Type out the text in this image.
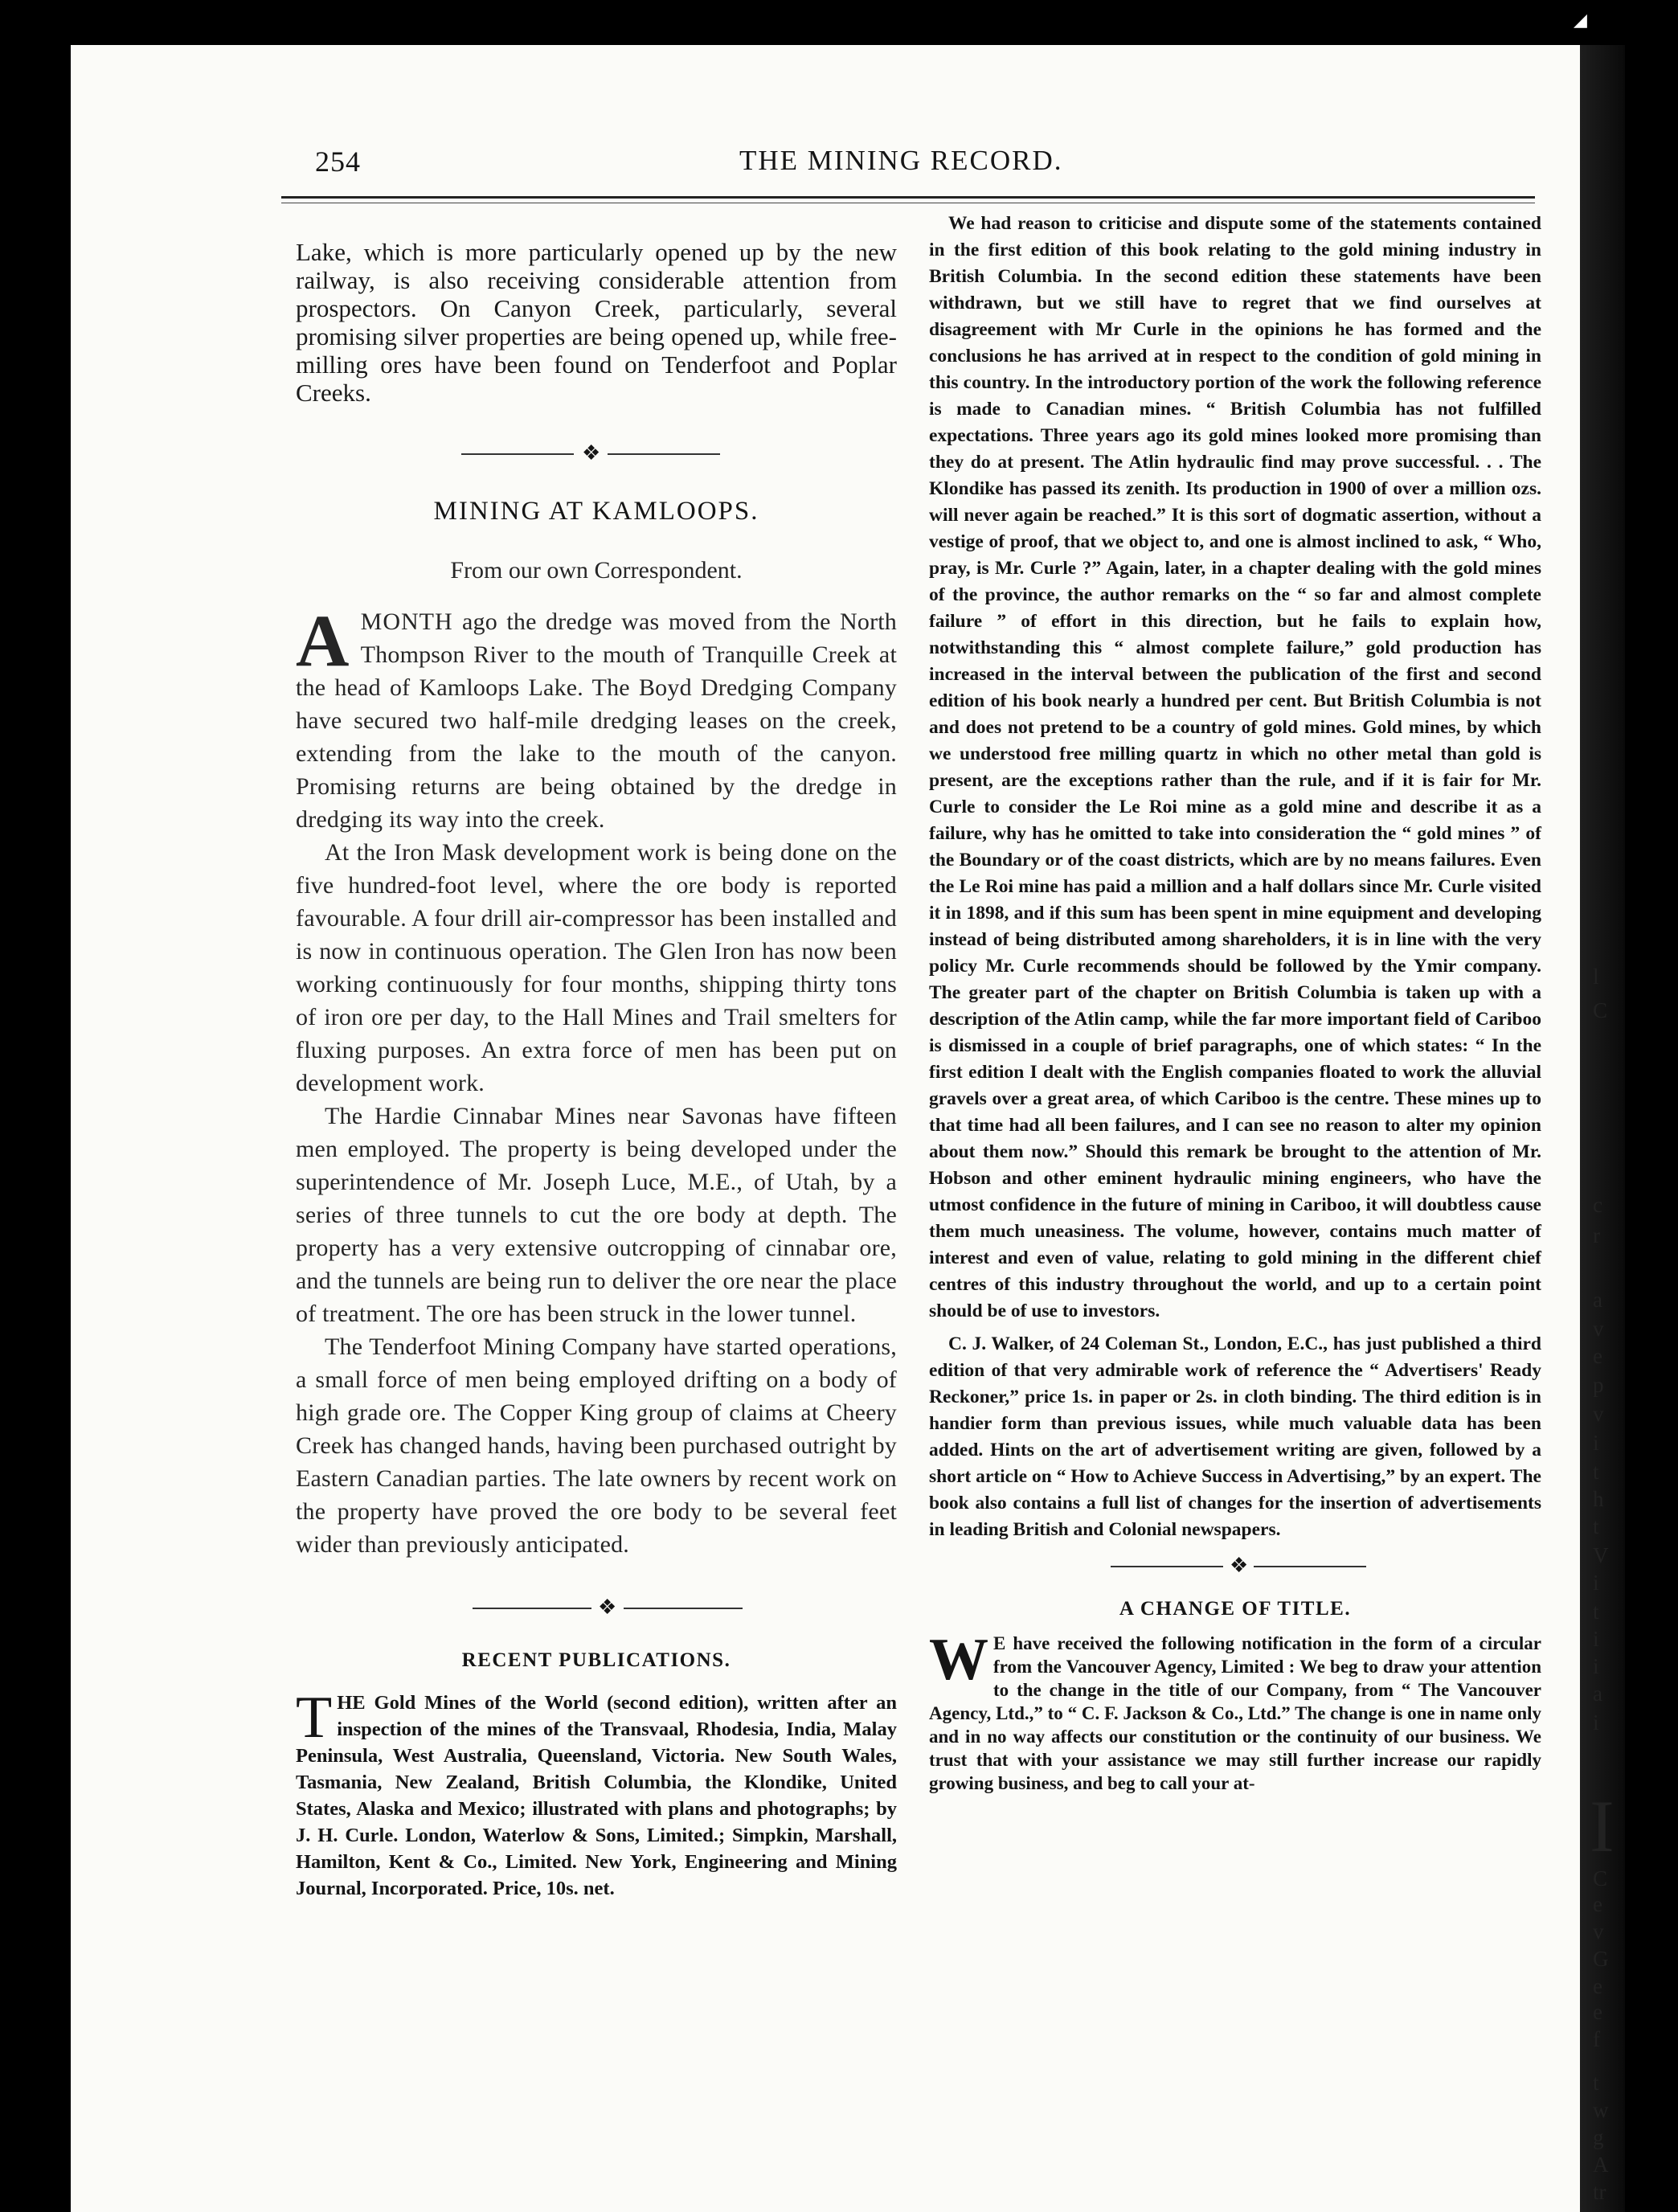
◢
254	THE MINING RECORD.

Lake, which is more particularly opened up by the new railway, is also receiving considerable attention from prospectors. On Canyon Creek, particularly, several promising silver properties are being opened up, while free-milling ores have been found on Tenderfoot and Poplar Creeks.

❖
MINING AT KAMLOOPS.

From our own Correspondent.

AMONTH ago the dredge was moved from the North Thompson River to the mouth of Tranquille Creek at the head of Kamloops Lake. The Boyd Dredging Company have secured two half-mile dredging leases on the creek, extending from the lake to the mouth of the canyon. Promising returns are being obtained by the dredge in dredging its way into the creek.

At the Iron Mask development work is being done on the five hundred-foot level, where the ore body is reported favourable. A four drill air-compressor has been installed and is now in continuous operation. The Glen Iron has now been working continuously for four months, shipping thirty tons of iron ore per day, to the Hall Mines and Trail smelters for fluxing purposes. An extra force of men has been put on development work.

The Hardie Cinnabar Mines near Savonas have fifteen men employed. The property is being developed under the superintendence of Mr. Joseph Luce, M.E., of Utah, by a series of three tunnels to cut the ore body at depth. The property has a very extensive outcropping of cinnabar ore, and the tunnels are being run to deliver the ore near the place of treatment. The ore has been struck in the lower tunnel.

The Tenderfoot Mining Company have started operations, a small force of men being employed drifting on a body of high grade ore. The Copper King group of claims at Cheery Creek has changed hands, having been purchased outright by Eastern Canadian parties. The late owners by recent work on the property have proved the ore body to be several feet wider than previously anticipated.

❖
RECENT PUBLICATIONS.

THE Gold Mines of the World (second edition), written after an inspection of the mines of the Transvaal, Rhodesia, India, Malay Peninsula, West Australia, Queensland, Victoria. New South Wales, Tasmania, New Zealand, British Columbia, the Klondike, United States, Alaska and Mexico; illustrated with plans and photographs; by J. H. Curle. London, Waterlow & Sons, Limited.; Simpkin, Marshall, Hamilton, Kent & Co., Limited. New York, Engineering and Mining Journal, Incorporated. Price, 10s. net.

We had reason to criticise and dispute some of the statements contained in the first edition of this book relating to the gold mining industry in British Columbia. In the second edition these statements have been withdrawn, but we still have to regret that we find ourselves at disagreement with Mr Curle in the opinions he has formed and the conclusions he has arrived at in respect to the condition of gold mining in this country. In the introductory portion of the work the following reference is made to Canadian mines. “ British Columbia has not fulfilled expectations. Three years ago its gold mines looked more promising than they do at present. The Atlin hydraulic find may prove successful. . . The Klondike has passed its zenith. Its production in 1900 of over a million ozs. will never again be reached.” It is this sort of dogmatic assertion, without a vestige of proof, that we object to, and one is almost inclined to ask, “ Who, pray, is Mr. Curle ?” Again, later, in a chapter dealing with the gold mines of the province, the author remarks on the “ so far and almost complete failure ” of effort in this direction, but he fails to explain how, notwithstanding this “ almost complete failure,” gold production has increased in the interval between the publication of the first and second edition of his book nearly a hundred per cent. But British Columbia is not and does not pretend to be a country of gold mines. Gold mines, by which we understood free milling quartz in which no other metal than gold is present, are the exceptions rather than the rule, and if it is fair for Mr. Curle to consider the Le Roi mine as a gold mine and describe it as a failure, why has he omitted to take into consideration the “ gold mines ” of the Boundary or of the coast districts, which are by no means failures. Even the Le Roi mine has paid a million and a half dollars since Mr. Curle visited it in 1898, and if this sum has been spent in mine equipment and developing instead of being distributed among shareholders, it is in line with the very policy Mr. Curle recommends should be followed by the Ymir company. The greater part of the chapter on British Columbia is taken up with a description of the Atlin camp, while the far more important field of Cariboo is dismissed in a couple of brief paragraphs, one of which states: “ In the first edition I dealt with the English companies floated to work the alluvial gravels over a great area, of which Cariboo is the centre. These mines up to that time had all been failures, and I can see no reason to alter my opinion about them now.” Should this remark be brought to the attention of Mr. Hobson and other eminent hydraulic mining engineers, who have the utmost confidence in the future of mining in Cariboo, it will doubtless cause them much uneasiness. The volume, however, contains much matter of interest and even of value, relating to gold mining in the different chief centres of this industry throughout the world, and up to a certain point should be of use to investors.

C. J. Walker, of 24 Coleman St., London, E.C., has just published a third edition of that very admirable work of reference the “ Advertisers' Ready Reckoner,” price 1s. in paper or 2s. in cloth binding. The third edition is in handier form than previous issues, while much valuable data has been added. Hints on the art of advertisement writing are given, followed by a short article on “ How to Achieve Success in Advertising,” by an expert. The book also contains a full list of changes for the insertion of advertisements in leading British and Colonial newspapers.

❖
A CHANGE OF TITLE.

W E have received the following notification in the form of a circular from the Vancouver Agency, Limited : We beg to draw your attention to the change in the title of our Company, from “ The Vancouver Agency, Ltd.,” to “ C. F. Jackson & Co., Ltd.” The change is one in name only and in no way affects our constitution or the continuity of our business. We trust that with your assistance we may still further increase our rapidly growing business, and beg to call your at-

l
C
c
r
a
v
e
p
v
i
t
h
t
V
i
t
i
i
a
i
I
C
e
v
G
e
e
f
t
w
g
A
tr
